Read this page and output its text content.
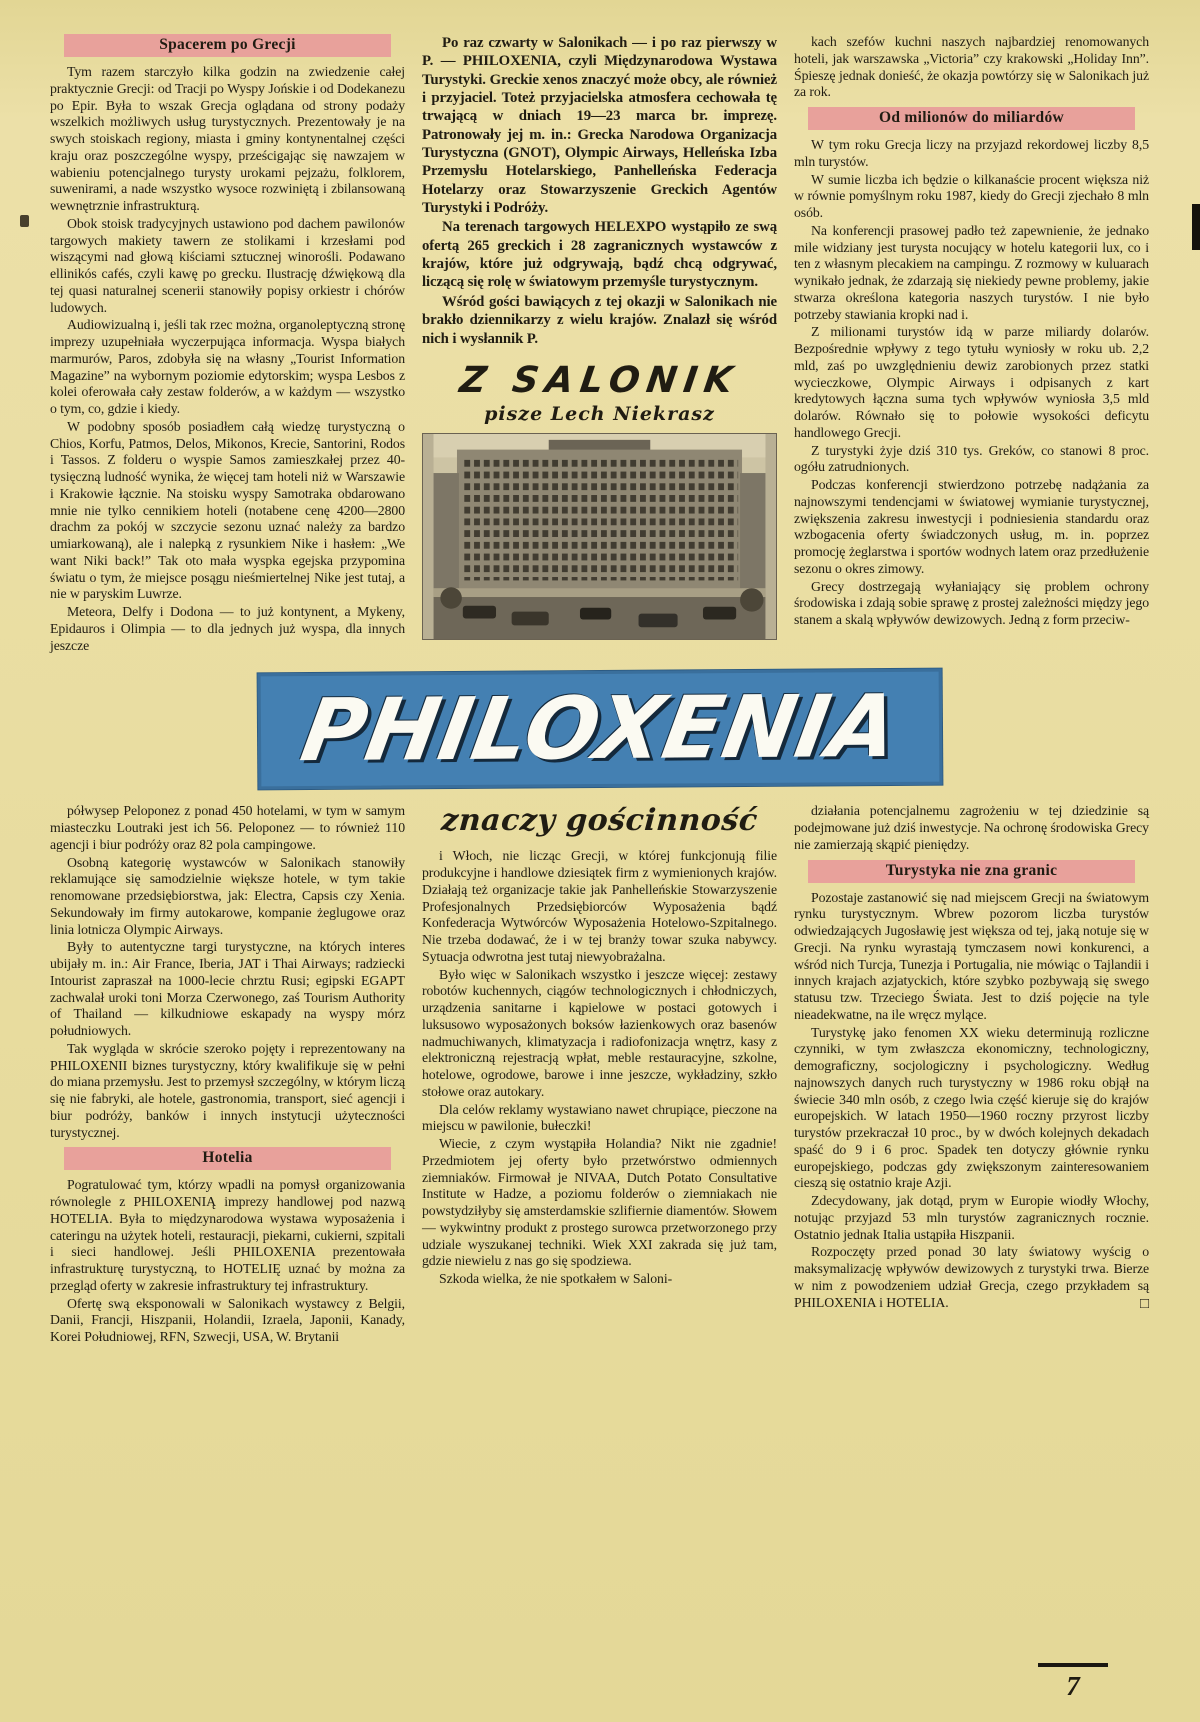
Spacerem po Grecji

Tym razem starczyło kilka godzin na zwiedzenie całej praktycznie Grecji: od Tracji po Wyspy Jońskie i od Dodekanezu po Epir. Była to wszak Grecja oglądana od strony podaży wszelkich możliwych usług turystycznych. Prezentowały je na swych stoiskach regiony, miasta i gminy kontynentalnej części kraju oraz poszczególne wyspy, prześcigając się nawzajem w wabieniu potencjalnego turysty urokami pejzażu, folklorem, suwenirami, a nade wszystko wysoce rozwiniętą i zbilansowaną wewnętrznie infrastrukturą.

Obok stoisk tradycyjnych ustawiono pod dachem pawilonów targowych makiety tawern ze stolikami i krzesłami pod wiszącymi nad głową kiściami sztucznej winorośli. Podawano ellinikós cafés, czyli kawę po grecku. Ilustrację dźwiękową dla tej quasi naturalnej scenerii stanowiły popisy orkiestr i chórów ludowych.

Audiowizualną i, jeśli tak rzec można, organoleptyczną stronę imprezy uzupełniała wyczerpująca informacja. Wyspa białych marmurów, Paros, zdobyła się na własny „Tourist Information Magazine” na wybornym poziomie edytorskim; wyspa Lesbos z kolei oferowała cały zestaw folderów, a w każdym — wszystko o tym, co, gdzie i kiedy.

W podobny sposób posiadłem całą wiedzę turystyczną o Chios, Korfu, Patmos, Delos, Mikonos, Krecie, Santorini, Rodos i Tassos. Z folderu o wyspie Samos zamieszkałej przez 40-tysięczną ludność wynika, że więcej tam hoteli niż w Warszawie i Krakowie łącznie. Na stoisku wyspy Samotraka obdarowano mnie nie tylko cennikiem hoteli (notabene cenę 4200—2800 drachm za pokój w szczycie sezonu uznać należy za bardzo umiarkowaną), ale i nalepką z rysunkiem Nike i hasłem: „We want Niki back!” Tak oto mała wyspka egejska przypomina światu o tym, że miejsce posągu nieśmiertelnej Nike jest tutaj, a nie w paryskim Luwrze.

Meteora, Delfy i Dodona — to już kontynent, a Mykeny, Epidauros i Olimpia — to dla jednych już wyspa, dla innych jeszcze

Po raz czwarty w Salonikach — i po raz pierwszy w P. — PHILOXENIA, czyli Międzynarodowa Wystawa Turystyki. Greckie xenos znaczyć może obcy, ale również i przyjaciel. Toteż przyjacielska atmosfera cechowała tę trwającą w dniach 19—23 marca br. imprezę. Patronowały jej m. in.: Grecka Narodowa Organizacja Turystyczna (GNOT), Olympic Airways, Helleńska Izba Przemysłu Hotelarskiego, Panhelleńska Federacja Hotelarzy oraz Stowarzyszenie Greckich Agentów Turystyki i Podróży.

Na terenach targowych HELEXPO wystąpiło ze swą ofertą 265 greckich i 28 zagranicznych wystawców z krajów, które już odgrywają, bądź chcą odgrywać, liczącą się rolę w światowym przemyśle turystycznym.

Wśród gości bawiących z tej okazji w Salonikach nie brakło dziennikarzy z wielu krajów. Znalazł się wśród nich i wysłannik P.

Z SALONIK
pisze Lech Niekrasz

kach szefów kuchni naszych najbardziej renomowanych hoteli, jak warszawska „Victoria” czy krakowski „Holiday Inn”. Śpieszę jednak donieść, że okazja powtórzy się w Salonikach już za rok.

Od milionów do miliardów

W tym roku Grecja liczy na przyjazd rekordowej liczby 8,5 mln turystów.

W sumie liczba ich będzie o kilkanaście procent większa niż w równie pomyślnym roku 1987, kiedy do Grecji zjechało 8 mln osób.

Na konferencji prasowej padło też zapewnienie, że jednako mile widziany jest turysta nocujący w hotelu kategorii lux, co i ten z własnym plecakiem na campingu. Z rozmowy w kuluarach wynikało jednak, że zdarzają się niekiedy pewne problemy, jakie stwarza określona kategoria naszych turystów. I nie było potrzeby stawiania kropki nad i.

Z milionami turystów idą w parze miliardy dolarów. Bezpośrednie wpływy z tego tytułu wyniosły w roku ub. 2,2 mld, zaś po uwzględnieniu dewiz zarobionych przez statki wycieczkowe, Olympic Airways i odpisanych z kart kredytowych łączna suma tych wpływów wyniosła 3,5 mld dolarów. Równało się to połowie wysokości deficytu handlowego Grecji.

Z turystyki żyje dziś 310 tys. Greków, co stanowi 8 proc. ogółu zatrudnionych.

Podczas konferencji stwierdzono potrzebę nadążania za najnowszymi tendencjami w światowej wymianie turystycznej, zwiększenia zakresu inwestycji i podniesienia standardu oraz wzbogacenia oferty świadczonych usług, m. in. poprzez promocję żeglarstwa i sportów wodnych latem oraz przedłużenie sezonu o okres zimowy.

Grecy dostrzegają wyłaniający się problem ochrony środowiska i zdają sobie sprawę z prostej zależności między jego stanem a skalą wpływów dewizowych. Jedną z form przeciw-

PHILOXENIA

półwysep Peloponez z ponad 450 hotelami, w tym w samym miasteczku Loutraki jest ich 56. Peloponez — to również 110 agencji i biur podróży oraz 82 pola campingowe.

Osobną kategorię wystawców w Salonikach stanowiły reklamujące się samodzielnie większe hotele, w tym takie renomowane przedsiębiorstwa, jak: Electra, Capsis czy Xenia. Sekundowały im firmy autokarowe, kompanie żeglugowe oraz linia lotnicza Olympic Airways.

Były to autentyczne targi turystyczne, na których interes ubijały m. in.: Air France, Iberia, JAT i Thai Airways; radziecki Intourist zapraszał na 1000-lecie chrztu Rusi; egipski EGAPT zachwalał uroki toni Morza Czerwonego, zaś Tourism Authority of Thailand — kilkudniowe eskapady na wyspy mórz południowych.

Tak wygląda w skrócie szeroko pojęty i reprezentowany na PHILOXENII biznes turystyczny, który kwalifikuje się w pełni do miana przemysłu. Jest to przemysł szczególny, w którym liczą się nie fabryki, ale hotele, gastronomia, transport, sieć agencji i biur podróży, banków i innych instytucji użyteczności turystycznej.

Hotelia

Pogratulować tym, którzy wpadli na pomysł organizowania równolegle z PHILOXENIĄ imprezy handlowej pod nazwą HOTELIA. Była to międzynarodowa wystawa wyposażenia i cateringu na użytek hoteli, restauracji, piekarni, cukierni, szpitali i sieci handlowej. Jeśli PHILOXENIA prezentowała infrastrukturę turystyczną, to HOTELIĘ uznać by można za przegląd oferty w zakresie infrastruktury tej infrastruktury.

Ofertę swą eksponowali w Salonikach wystawcy z Belgii, Danii, Francji, Hiszpanii, Holandii, Izraela, Japonii, Kanady, Korei Południowej, RFN, Szwecji, USA, W. Brytanii

znaczy gościnność

i Włoch, nie licząc Grecji, w której funkcjonują filie produkcyjne i handlowe dziesiątek firm z wymienionych krajów. Działają też organizacje takie jak Panhelleńskie Stowarzyszenie Profesjonalnych Przedsiębiorców Wyposażenia bądź Konfederacja Wytwórców Wyposażenia Hotelowo-Szpitalnego. Nie trzeba dodawać, że i w tej branży towar szuka nabywcy. Sytuacja odwrotna jest tutaj niewyobrażalna.

Było więc w Salonikach wszystko i jeszcze więcej: zestawy robotów kuchennych, ciągów technologicznych i chłodniczych, urządzenia sanitarne i kąpielowe w postaci gotowych i luksusowo wyposażonych boksów łazienkowych oraz basenów nadmuchiwanych, klimatyzacja i radiofonizacja wnętrz, kasy z elektroniczną rejestracją wpłat, meble restauracyjne, szkolne, hotelowe, ogrodowe, barowe i inne jeszcze, wykładziny, szkło stołowe oraz autokary.

Dla celów reklamy wystawiano nawet chrupiące, pieczone na miejscu w pawilonie, bułeczki!

Wiecie, z czym wystąpiła Holandia? Nikt nie zgadnie! Przedmiotem jej oferty było przetwórstwo odmiennych ziemniaków. Firmował je NIVAA, Dutch Potato Consultative Institute w Hadze, a poziomu folderów o ziemniakach nie powstydziłyby się amsterdamskie szlifiernie diamentów. Słowem — wykwintny produkt z prostego surowca przetworzonego przy udziale wyszukanej techniki. Wiek XXI zakrada się już tam, gdzie niewielu z nas go się spodziewa.

Szkoda wielka, że nie spotkałem w Saloni-

działania potencjalnemu zagrożeniu w tej dziedzinie są podejmowane już dziś inwestycje. Na ochronę środowiska Grecy nie zamierzają skąpić pieniędzy.

Turystyka nie zna granic

Pozostaje zastanowić się nad miejscem Grecji na światowym rynku turystycznym. Wbrew pozorom liczba turystów odwiedzających Jugosławię jest większa od tej, jaką notuje się w Grecji. Na rynku wyrastają tymczasem nowi konkurenci, a wśród nich Turcja, Tunezja i Portugalia, nie mówiąc o Tajlandii i innych krajach azjatyckich, które szybko pozbywają się swego statusu tzw. Trzeciego Świata. Jest to dziś pojęcie na tyle nieadekwatne, na ile wręcz mylące.

Turystykę jako fenomen XX wieku determinują rozliczne czynniki, w tym zwłaszcza ekonomiczny, technologiczny, demograficzny, socjologiczny i psychologiczny. Według najnowszych danych ruch turystyczny w 1986 roku objął na świecie 340 mln osób, z czego lwia część kieruje się do krajów europejskich. W latach 1950—1960 roczny przyrost liczby turystów przekraczał 10 proc., by w dwóch kolejnych dekadach spaść do 9 i 6 proc. Spadek ten dotyczy głównie rynku europejskiego, podczas gdy zwiększonym zainteresowaniem cieszą się ostatnio kraje Azji.

Zdecydowany, jak dotąd, prym w Europie wiodły Włochy, notując przyjazd 53 mln turystów zagranicznych rocznie. Ostatnio jednak Italia ustąpiła Hiszpanii.

Rozpoczęty przed ponad 30 laty światowy wyścig o maksymalizację wpływów dewizowych z turystyki trwa. Bierze w nim z powodzeniem udział Grecja, czego przykładem są PHILOXENIA i HOTELIA.	□

7
